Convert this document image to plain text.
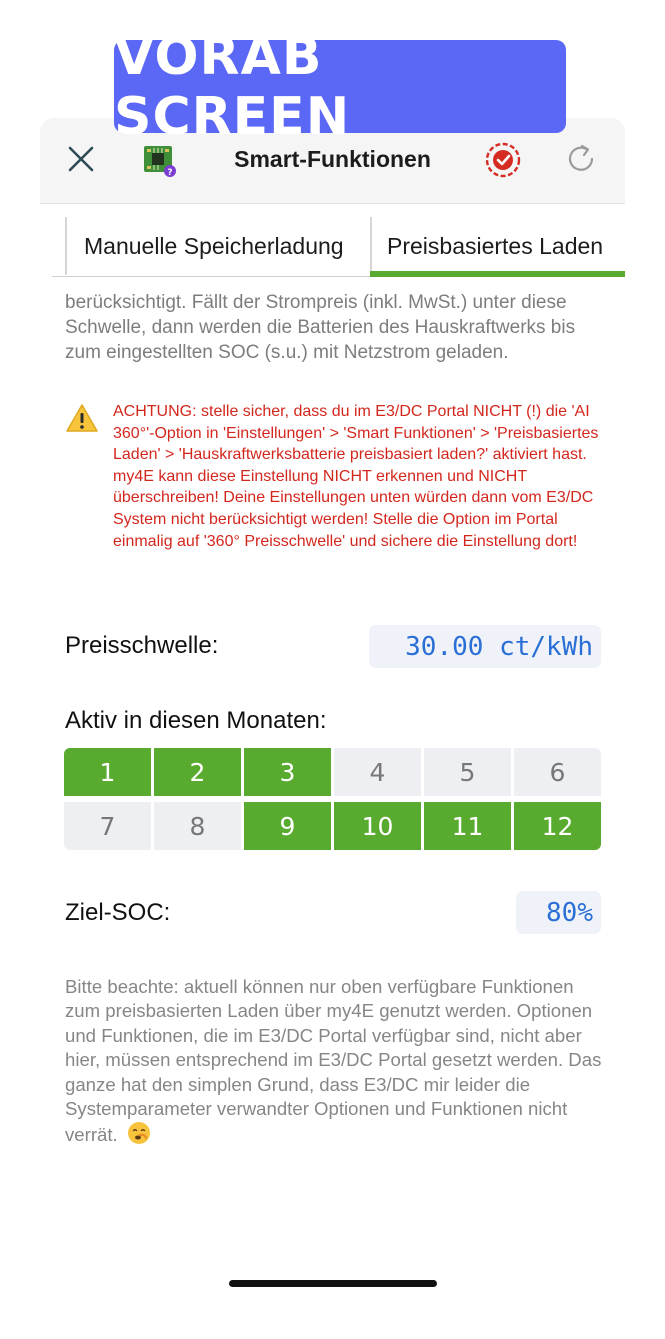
VORAB SCREEN
?
Smart-Funktionen
Manuelle Speicherladung Preisbasiertes Laden
berücksichtigt. Fällt der Strompreis (inkl. MwSt.) unter diese Schwelle, dann werden die Batterien des Hauskraftwerks bis zum eingestellten SOC (s.u.) mit Netzstrom geladen.
ACHTUNG: stelle sicher, dass du im E3/DC Portal NICHT (!) die 'AI 360°'-Option in 'Einstellungen' > 'Smart Funktionen' > 'Preisbasiertes Laden' > 'Hauskraftwerksbatterie preisbasiert laden?' aktiviert hast. my4E kann diese Einstellung NICHT erkennen und NICHT überschreiben! Deine Einstellungen unten würden dann vom E3/DC System nicht berücksichtigt werden! Stelle die Option im Portal einmalig auf '360° Preisschwelle' und sichere die Einstellung dort!
Preisschwelle:	30.00 ct/kWh
Aktiv in diesen Monaten:
1	2	3	4	5	6
7	8	9	10	11	12
Ziel-SOC:	80%
Bitte beachte: aktuell können nur oben verfügbare Funktionen zum preisbasierten Laden über my4E genutzt werden. Optionen und Funktionen, die im E3/DC Portal verfügbar sind, nicht aber hier, müssen entsprechend im E3/DC Portal gesetzt werden. Das ganze hat den simplen Grund, dass E3/DC mir leider die Systemparameter verwandter Optionen und Funktionen nicht verrät.
